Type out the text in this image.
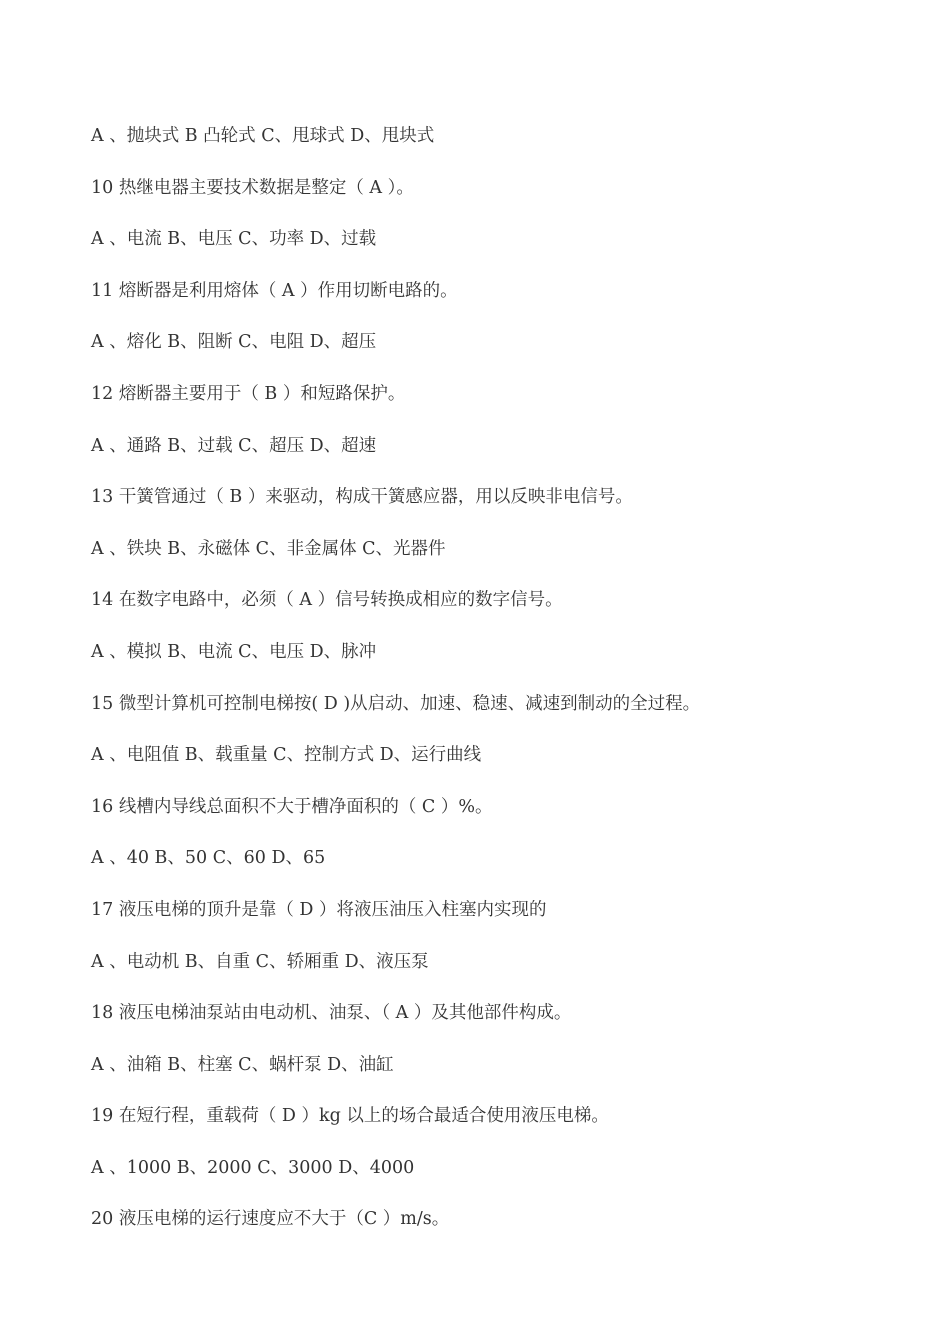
A 、抛块式 B 凸轮式 C、甩球式 D、甩块式
10 热继电器主要技术数据是整定（ A ）。
A 、电流 B、电压 C、功率 D、过载
11 熔断器是利用熔体（ A ）作用切断电路的。
A 、熔化 B、阻断 C、电阻 D、超压
12 熔断器主要用于（ B ）和短路保护。
A 、通路 B、过载 C、超压 D、超速
13 干簧管通过（ B ）来驱动，构成干簧感应器，用以反映非电信号。
A 、铁块 B、永磁体 C、非金属体 C、光器件
14 在数字电路中，必须（ A ）信号转换成相应的数字信号。
A 、模拟 B、电流 C、电压 D、脉冲
15 微型计算机可控制电梯按( D )从启动、加速、稳速、减速到制动的全过程。
A 、电阻值 B、载重量 C、控制方式 D、运行曲线
16 线槽内导线总面积不大于槽净面积的（ C ）%。
A 、40 B、50 C、60 D、65
17 液压电梯的顶升是靠（ D ）将液压油压入柱塞内实现的
A 、电动机 B、自重 C、轿厢重 D、液压泵
18 液压电梯油泵站由电动机、油泵、（ A ）及其他部件构成。
A 、油箱 B、柱塞 C、蜗杆泵 D、油缸
19 在短行程，重载荷（ D ）kg 以上的场合最适合使用液压电梯。
A 、1000 B、2000 C、3000 D、4000
20 液压电梯的运行速度应不大于（C ）m/s。
